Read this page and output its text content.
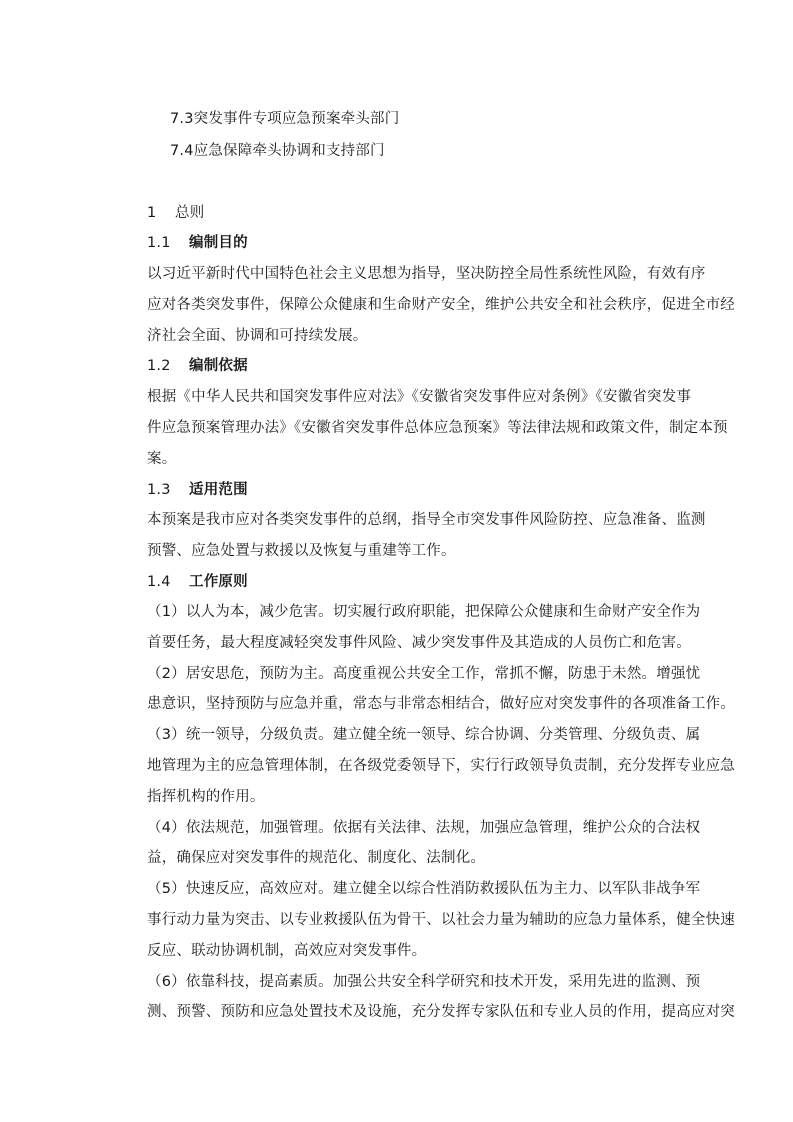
7.3突发事件专项应急预案牵头部门
7.4应急保障牵头协调和支持部门
1 总则
1.1 编制目的
以习近平新时代中国特色社会主义思想为指导，坚决防控全局性系统性风险，有效有序
应对各类突发事件，保障公众健康和生命财产安全，维护公共安全和社会秩序，促进全市经
济社会全面、协调和可持续发展。
1.2 编制依据
根据《中华人民共和国突发事件应对法》《安徽省突发事件应对条例》《安徽省突发事
件应急预案管理办法》《安徽省突发事件总体应急预案》等法律法规和政策文件，制定本预
案。
1.3 适用范围
本预案是我市应对各类突发事件的总纲，指导全市突发事件风险防控、应急准备、监测
预警、应急处置与救援以及恢复与重建等工作。
1.4 工作原则
（1）以人为本，减少危害。切实履行政府职能，把保障公众健康和生命财产安全作为
首要任务，最大程度减轻突发事件风险、减少突发事件及其造成的人员伤亡和危害。
（2）居安思危，预防为主。高度重视公共安全工作，常抓不懈，防患于未然。增强忧
患意识，坚持预防与应急并重，常态与非常态相结合，做好应对突发事件的各项准备工作。
（3）统一领导，分级负责。建立健全统一领导、综合协调、分类管理、分级负责、属
地管理为主的应急管理体制，在各级党委领导下，实行行政领导负责制，充分发挥专业应急
指挥机构的作用。
（4）依法规范，加强管理。依据有关法律、法规，加强应急管理，维护公众的合法权
益，确保应对突发事件的规范化、制度化、法制化。
（5）快速反应，高效应对。建立健全以综合性消防救援队伍为主力、以军队非战争军
事行动力量为突击、以专业救援队伍为骨干、以社会力量为辅助的应急力量体系，健全快速
反应、联动协调机制，高效应对突发事件。
（6）依靠科技，提高素质。加强公共安全科学研究和技术开发，采用先进的监测、预
测、预警、预防和应急处置技术及设施，充分发挥专家队伍和专业人员的作用，提高应对突
